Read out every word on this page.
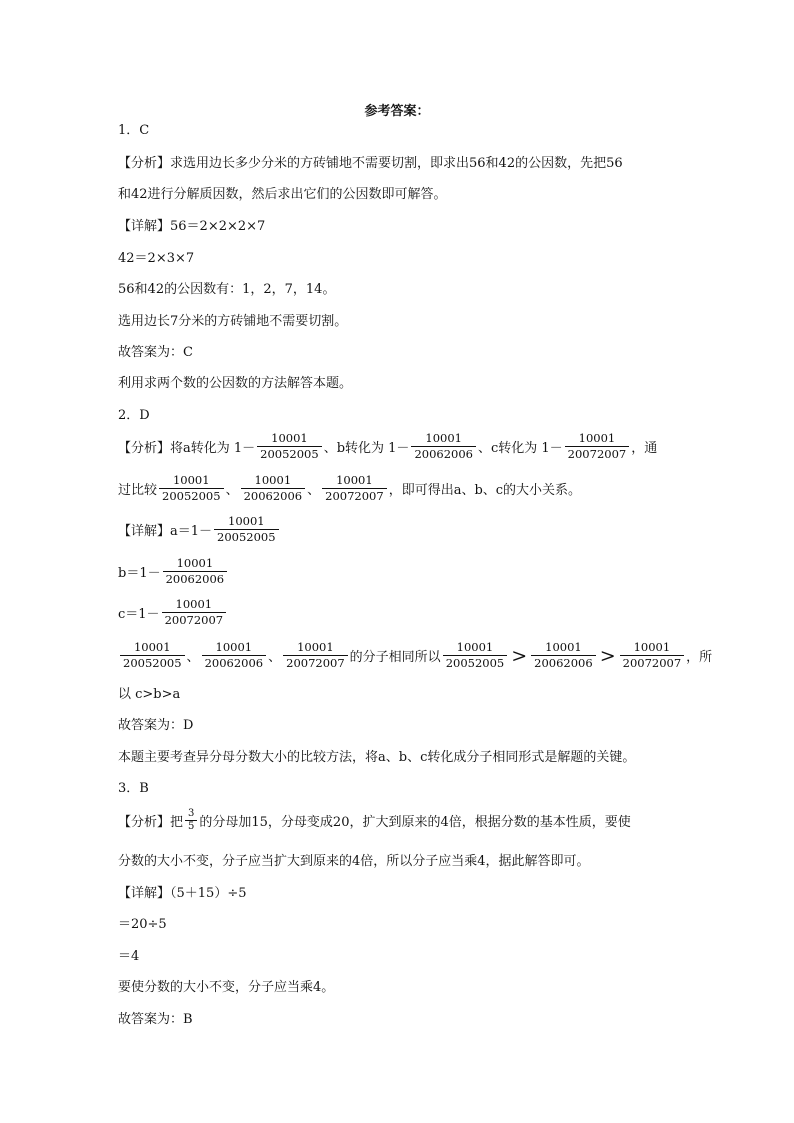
参考答案：
1．C
【分析】求选用边长多少分米的方砖铺地不需要切割，即求出56和42的公因数，先把56
和42进行分解质因数，然后求出它们的公因数即可解答。
【详解】56＝2×2×2×7
42＝2×3×7
56和42的公因数有：1，2，7，14。
选用边长7分米的方砖铺地不需要切割。
故答案为：C
利用求两个数的公因数的方法解答本题。
2．D
【分析】将a转化为 $1- \frac{10001}{20052005}$ 、b转化为 $1- \frac{10001}{20062006}$ 、c转化为 $1- \frac{10001}{20072007}$ ，通
过比较 $\frac{10001}{20052005}$ 、 $\frac{10001}{20062006}$ 、 $\frac{10001}{20072007}$ ，即可得出a、b、c的大小关系。
【详解】$a=1- \frac{10001}{20052005}$
$b=1- \frac{10001}{20062006}$
$c=1- \frac{10001}{20072007}$
$\frac{10001}{20052005}$ 、 $\frac{10001}{20062006}$ 、 $\frac{10001}{20072007}$ 的分子相同所以 $\frac{10001}{20052005} > \frac{10001}{20062006} > \frac{10001}{20072007}$ ，所
以 c>b>a
故答案为：D
本题主要考查异分母分数大小的比较方法，将a、b、c转化成分子相同形式是解题的关键。
3．B
【分析】把 $\frac{3}{5}$ 的分母加15，分母变成20，扩大到原来的4倍，根据分数的基本性质，要使
分数的大小不变，分子应当扩大到原来的4倍，所以分子应当乘4，据此解答即可。
【详解】（5＋15）÷5
＝20÷5
＝4
要使分数的大小不变，分子应当乘4。
故答案为：B
